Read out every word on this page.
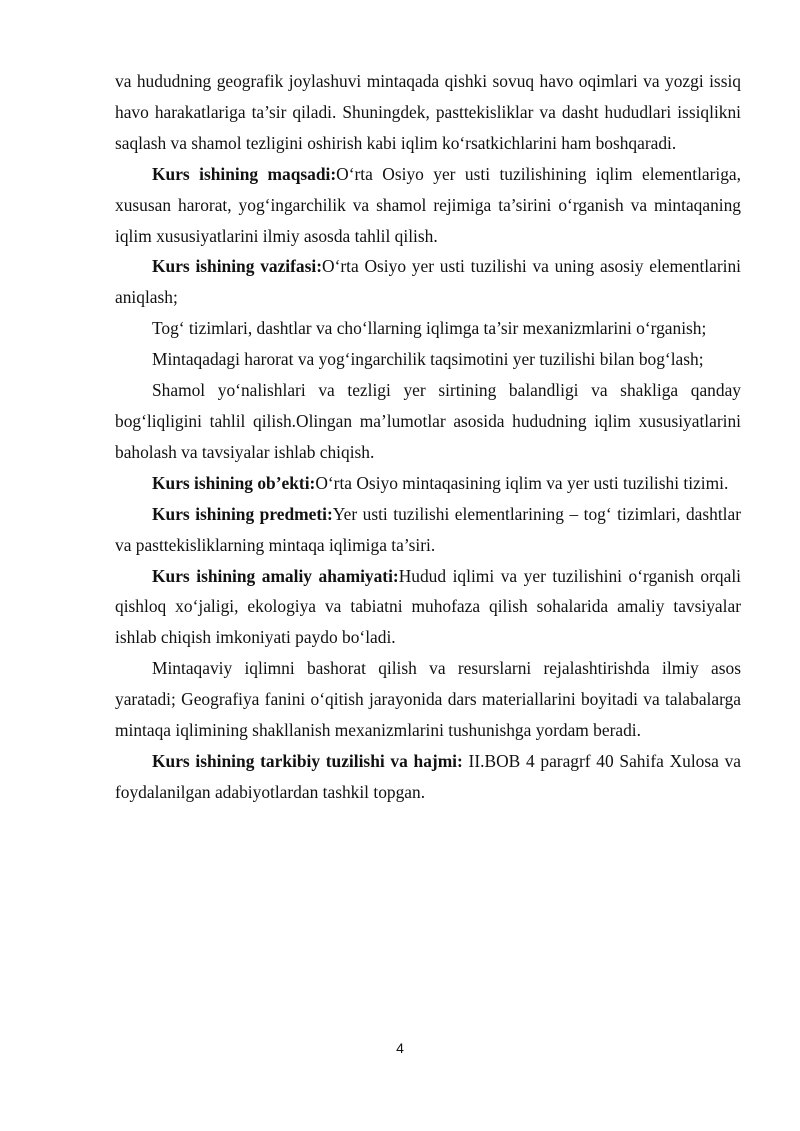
va hududning geografik joylashuvi mintaqada qishki sovuq havo oqimlari va yozgi issiq havo harakatlariga ta’sir qiladi. Shuningdek, pasttekisliklar va dasht hududlari issiqlikni saqlash va shamol tezligini oshirish kabi iqlim ko‘rsatkichlarini ham boshqaradi.

Kurs ishining maqsadi:O‘rta Osiyo yer usti tuzilishining iqlim elementlariga, xususan harorat, yog‘ingarchilik va shamol rejimiga ta’sirini o‘rganish va mintaqaning iqlim xususiyatlarini ilmiy asosda tahlil qilish.

Kurs ishining vazifasi:O‘rta Osiyo yer usti tuzilishi va uning asosiy elementlarini aniqlash;

Tog‘ tizimlari, dashtlar va cho‘llarning iqlimga ta’sir mexanizmlarini o‘rganish;

Mintaqadagi harorat va yog‘ingarchilik taqsimotini yer tuzilishi bilan bog‘lash;

Shamol yo‘nalishlari va tezligi yer sirtining balandligi va shakliga qanday bog‘liqligini tahlil qilish.Olingan ma’lumotlar asosida hududning iqlim xususiyatlarini baholash va tavsiyalar ishlab chiqish.

Kurs ishining ob’ekti:O‘rta Osiyo mintaqasining iqlim va yer usti tuzilishi tizimi.

Kurs ishining predmeti:Yer usti tuzilishi elementlarining – tog‘ tizimlari, dashtlar va pasttekisliklarning mintaqa iqlimiga ta’siri.

Kurs ishining amaliy ahamiyati:Hudud iqlimi va yer tuzilishini o‘rganish orqali qishloq xo‘jaligi, ekologiya va tabiatni muhofaza qilish sohalarida amaliy tavsiyalar ishlab chiqish imkoniyati paydo bo‘ladi.

Mintaqaviy iqlimni bashorat qilish va resurslarni rejalashtirishda ilmiy asos yaratadi; Geografiya fanini o‘qitish jarayonida dars materiallarini boyitadi va talabalarga mintaqa iqlimining shakllanish mexanizmlarini tushunishga yordam beradi.

Kurs ishining tarkibiy tuzilishi va hajmi: II.BOB 4 paragrf 40 Sahifa Xulosa va foydalanilgan adabiyotlardan tashkil topgan.

4
